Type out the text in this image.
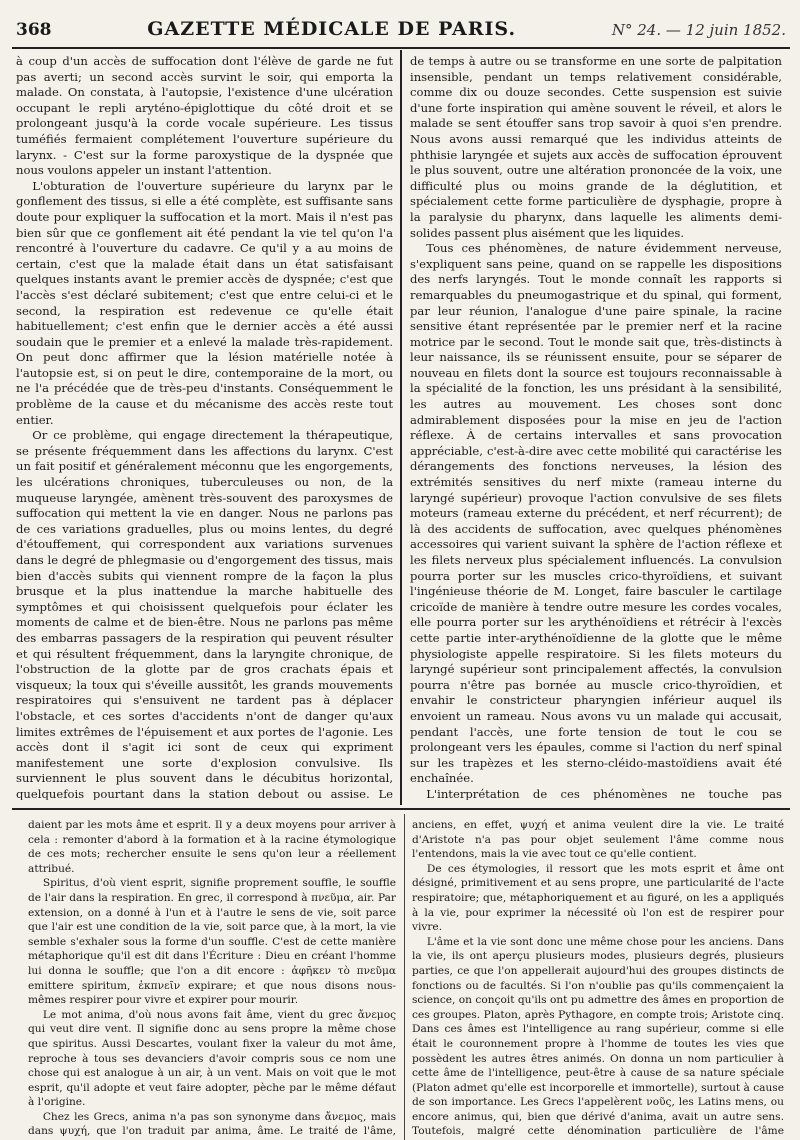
368	GAZETTE MÉDICALE DE PARIS.	N° 24. — 12 juin 1852.

à coup d'un accès de suffocation dont l'élève de garde ne fut pas averti; un second accès survint le soir, qui emporta la malade. On constata, à l'autopsie, l'existence d'une ulcération occupant le repli aryténo-épiglottique du côté droit et se prolongeant jusqu'à la corde vocale supérieure. Les tissus tuméfiés fermaient complétement l'ouverture supérieure du larynx. - C'est sur la forme paroxystique de la dyspnée que nous voulons appeler un instant l'attention.

L'obturation de l'ouverture supérieure du larynx par le gonflement des tissus, si elle a été complète, est suffisante sans doute pour expliquer la suffocation et la mort. Mais il n'est pas bien sûr que ce gonflement ait été pendant la vie tel qu'on l'a rencontré à l'ouverture du cadavre. Ce qu'il y a au moins de certain, c'est que la malade était dans un état satisfaisant quelques instants avant le premier accès de dyspnée; c'est que l'accès s'est déclaré subitement; c'est que entre celui-ci et le second, la respiration est redevenue ce qu'elle était habituellement; c'est enfin que le dernier accès a été aussi soudain que le premier et a enlevé la malade très-rapidement. On peut donc affirmer que la lésion matérielle notée à l'autopsie est, si on peut le dire, contemporaine de la mort, ou ne l'a précédée que de très-peu d'instants. Conséquemment le problème de la cause et du mécanisme des accès reste tout entier.

Or ce problème, qui engage directement la thérapeutique, se présente fréquemment dans les affections du larynx. C'est un fait positif et généralement méconnu que les engorgements, les ulcérations chroniques, tuberculeuses ou non, de la muqueuse laryngée, amènent très-souvent des paroxysmes de suffocation qui mettent la vie en danger. Nous ne parlons pas de ces variations graduelles, plus ou moins lentes, du degré d'étouffement, qui correspondent aux variations survenues dans le degré de phlegmasie ou d'engorgement des tissus, mais bien d'accès subits qui viennent rompre de la façon la plus brusque et la plus inattendue la marche habituelle des symptômes et qui choisissent quelquefois pour éclater les moments de calme et de bien-être. Nous ne parlons pas même des embarras passagers de la respiration qui peuvent résulter et qui résultent fréquemment, dans la laryngite chronique, de l'obstruction de la glotte par de gros crachats épais et visqueux; la toux qui s'éveille aussitôt, les grands mouvements respiratoires qui s'ensuivent ne tardent pas à déplacer l'obstacle, et ces sortes d'accidents n'ont de danger qu'aux limites extrêmes de l'épuisement et aux portes de l'agonie. Les accès dont il s'agit ici sont de ceux qui expriment manifestement une sorte d'explosion convulsive. Ils surviennent le plus souvent dans le décubitus horizontal, quelquefois pourtant dans la station debout ou assise. Le

de temps à autre ou se transforme en une sorte de palpitation insensible, pendant un temps relativement considérable, comme dix ou douze secondes. Cette suspension est suivie d'une forte inspiration qui amène souvent le réveil, et alors le malade se sent étouffer sans trop savoir à quoi s'en prendre. Nous avons aussi remarqué que les individus atteints de phthisie laryngée et sujets aux accès de suffocation éprouvent le plus souvent, outre une altération prononcée de la voix, une difficulté plus ou moins grande de la déglutition, et spécialement cette forme particulière de dysphagie, propre à la paralysie du pharynx, dans laquelle les aliments demi-solides passent plus aisément que les liquides.

Tous ces phénomènes, de nature évidemment nerveuse, s'expliquent sans peine, quand on se rappelle les dispositions des nerfs laryngés. Tout le monde connaît les rapports si remarquables du pneumogastrique et du spinal, qui forment, par leur réunion, l'analogue d'une paire spinale, la racine sensitive étant représentée par le premier nerf et la racine motrice par le second. Tout le monde sait que, très-distincts à leur naissance, ils se réunissent ensuite, pour se séparer de nouveau en filets dont la source est toujours reconnaissable à la spécialité de la fonction, les uns présidant à la sensibilité, les autres au mouvement. Les choses sont donc admirablement disposées pour la mise en jeu de l'action réflexe. À de certains intervalles et sans provocation appréciable, c'est-à-dire avec cette mobilité qui caractérise les dérangements des fonctions nerveuses, la lésion des extrémités sensitives du nerf mixte (rameau interne du laryngé supérieur) provoque l'action convulsive de ses filets moteurs (rameau externe du précédent, et nerf récurrent); de là des accidents de suffocation, avec quelques phénomènes accessoires qui varient suivant la sphère de l'action réflexe et les filets nerveux plus spécialement influencés. La convulsion pourra porter sur les muscles crico-thyroïdiens, et suivant l'ingénieuse théorie de M. Longet, faire basculer le cartilage cricoïde de manière à tendre outre mesure les cordes vocales, elle pourra porter sur les arythénoïdiens et rétrécir à l'excès cette partie inter-arythénoïdienne de la glotte que le même physiologiste appelle respiratoire. Si les filets moteurs du laryngé supérieur sont principalement affectés, la convulsion pourra n'être pas bornée au muscle crico-thyroïdien, et envahir le constricteur pharyngien inférieur auquel ils envoient un rameau. Nous avons vu un malade qui accusait, pendant l'accès, une forte tension de tout le cou se prolongeant vers les épaules, comme si l'action du nerf spinal sur les trapèzes et les sterno-cléido-mastoïdiens avait été enchaînée.

L'interprétation de ces phénomènes ne touche pas

daient par les mots âme et esprit. Il y a deux moyens pour arriver à cela : remonter d'abord à la formation et à la racine étymologique de ces mots; rechercher ensuite le sens qu'on leur a réellement attribué.

Spiritus, d'où vient esprit, signifie proprement souffle, le souffle de l'air dans la respiration. En grec, il correspond à πνεῦμα, air. Par extension, on a donné à l'un et à l'autre le sens de vie, soit parce que l'air est une condition de la vie, soit parce que, à la mort, la vie semble s'exhaler sous la forme d'un souffle. C'est de cette manière métaphorique qu'il est dit dans l'Écriture : Dieu en créant l'homme lui donna le souffle; que l'on a dit encore : ἀφῆκεν τὸ πνεῦμα emittere spiritum, ἐκπνεῖν expirare; et que nous disons nous-mêmes respirer pour vivre et expirer pour mourir.

Le mot anima, d'où nous avons fait âme, vient du grec ἄνεμος qui veut dire vent. Il signifie donc au sens propre la même chose que spiritus. Aussi Descartes, voulant fixer la valeur du mot âme, reproche à tous ses devanciers d'avoir compris sous ce nom une chose qui est analogue à un air, à un vent. Mais on voit que le mot esprit, qu'il adopte et veut faire adopter, pèche par le même défaut à l'origine.

Chez les Grecs, anima n'a pas son synonyme dans ἄνεμος, mais dans ψυχή, que l'on traduit par anima, âme. Le traité de l'âme,

anciens, en effet, ψυχή et anima veulent dire la vie. Le traité d'Aristote n'a pas pour objet seulement l'âme comme nous l'entendons, mais la vie avec tout ce qu'elle contient.

De ces étymologies, il ressort que les mots esprit et âme ont désigné, primitivement et au sens propre, une particularité de l'acte respiratoire; que, métaphoriquement et au figuré, on les a appliqués à la vie, pour exprimer la nécessité où l'on est de respirer pour vivre.

L'âme et la vie sont donc une même chose pour les anciens. Dans la vie, ils ont aperçu plusieurs modes, plusieurs degrés, plusieurs parties, ce que l'on appellerait aujourd'hui des groupes distincts de fonctions ou de facultés. Si l'on n'oublie pas qu'ils commençaient la science, on conçoit qu'ils ont pu admettre des âmes en proportion de ces groupes. Platon, après Pythagore, en compte trois; Aristote cinq. Dans ces âmes est l'intelligence au rang supérieur, comme si elle était le couronnement propre à l'homme de toutes les vies que possèdent les autres êtres animés. On donna un nom particulier à cette âme de l'intelligence, peut-être à cause de sa nature spéciale (Platon admet qu'elle est incorporelle et immortelle), surtout à cause de son importance. Les Grecs l'appelèrent νοῦς, les Latins mens, ou encore animus, qui, bien que dérivé d'anima, avait un autre sens. Toutefois, malgré cette dénomination particulière de l'âme
